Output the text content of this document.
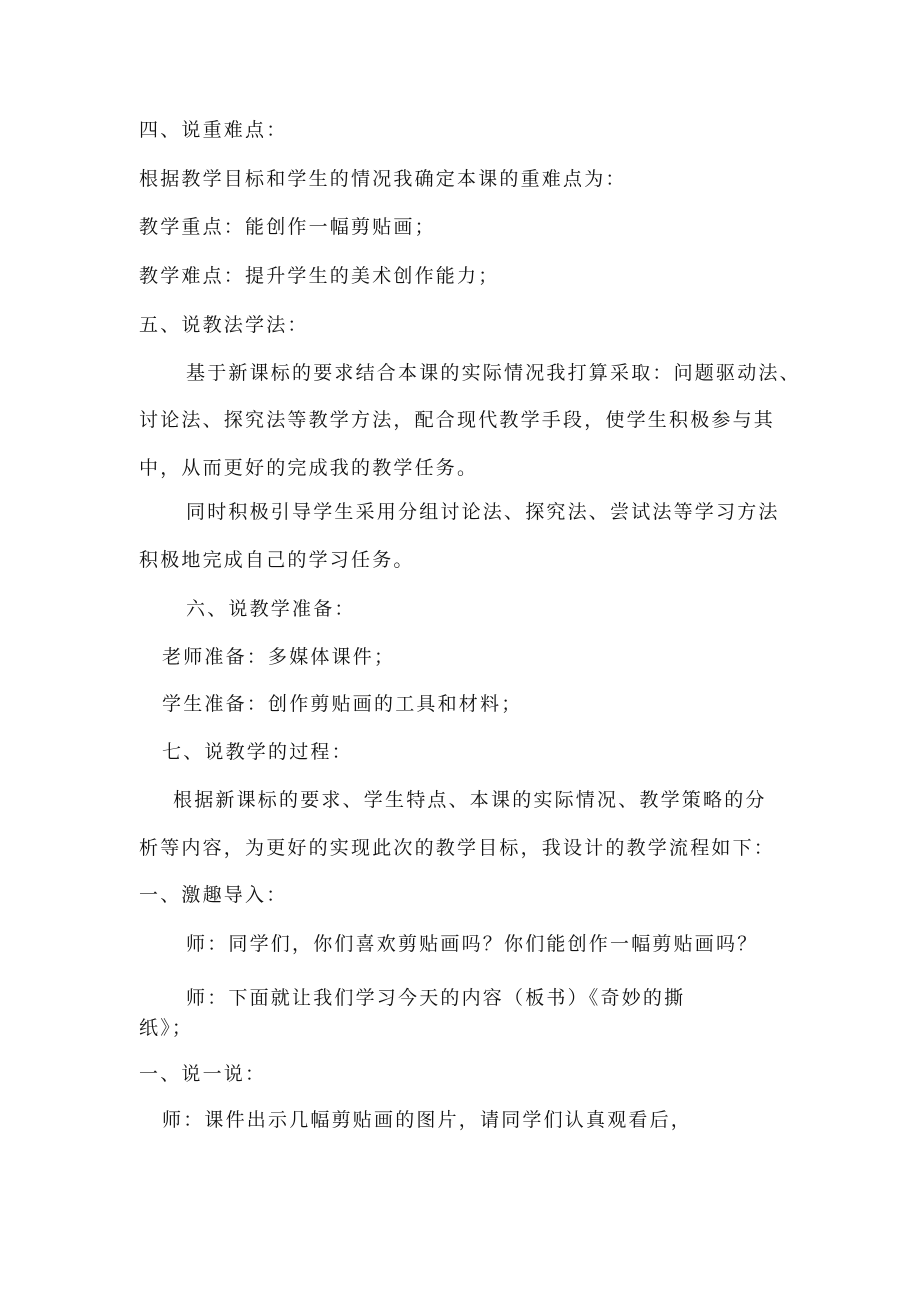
四、说重难点：
根据教学目标和学生的情况我确定本课的重难点为：
教学重点：能创作一幅剪贴画；
教学难点：提升学生的美术创作能力；
五、说教法学法：
基于新课标的要求结合本课的实际情况我打算采取：问题驱动法、
讨论法、探究法等教学方法，配合现代教学手段，使学生积极参与其
中，从而更好的完成我的教学任务。
同时积极引导学生采用分组讨论法、探究法、尝试法等学习方法
积极地完成自己的学习任务。
六、说教学准备：
老师准备：多媒体课件；
学生准备：创作剪贴画的工具和材料；
七、说教学的过程：
根据新课标的要求、学生特点、本课的实际情况、教学策略的分
析等内容，为更好的实现此次的教学目标，我设计的教学流程如下：
一、激趣导入：
师：同学们，你们喜欢剪贴画吗？你们能创作一幅剪贴画吗？
师：下面就让我们学习今天的内容（板书）《奇妙的撕
纸》；
一、说一说：
师：课件出示几幅剪贴画的图片，请同学们认真观看后，
